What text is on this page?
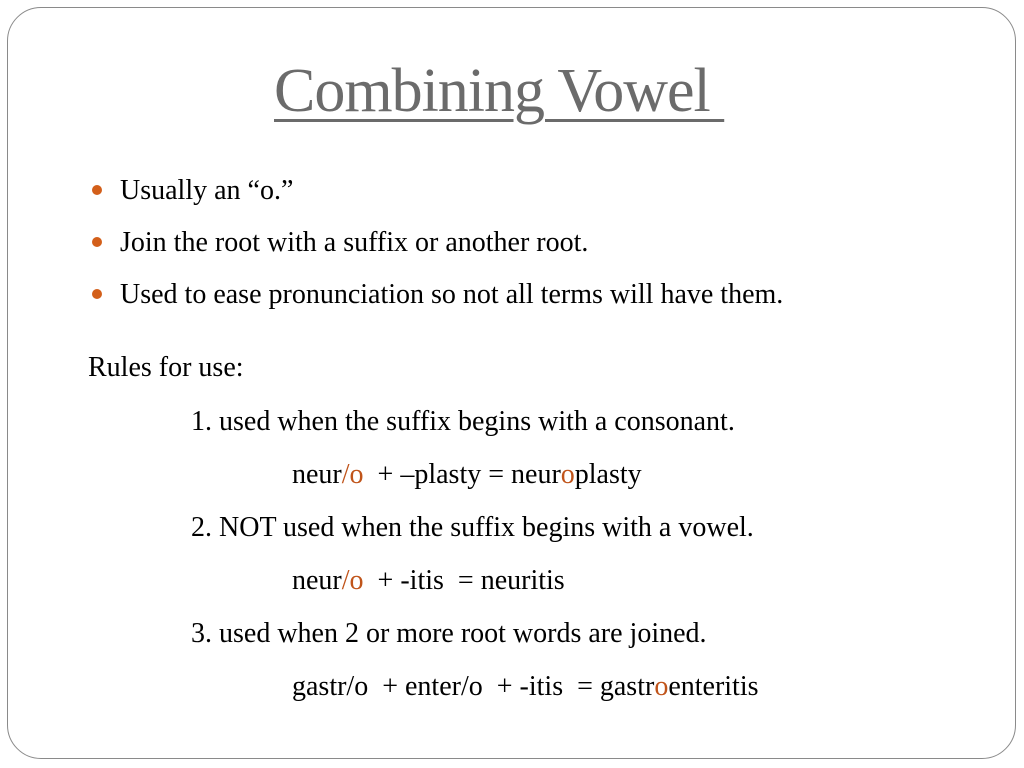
Combining Vowel
Usually an “o.”
Join the root with a suffix or another root.
Used to ease pronunciation so not all terms will have them.
Rules for use:
1. used when the suffix begins with a consonant.
neur/o  + –plasty = neuroplasty
2. NOT used when the suffix begins with a vowel.
neur/o  + -itis  = neuritis
3. used when 2 or more root words are joined.
gastr/o  + enter/o  + -itis  = gastroenteritis
